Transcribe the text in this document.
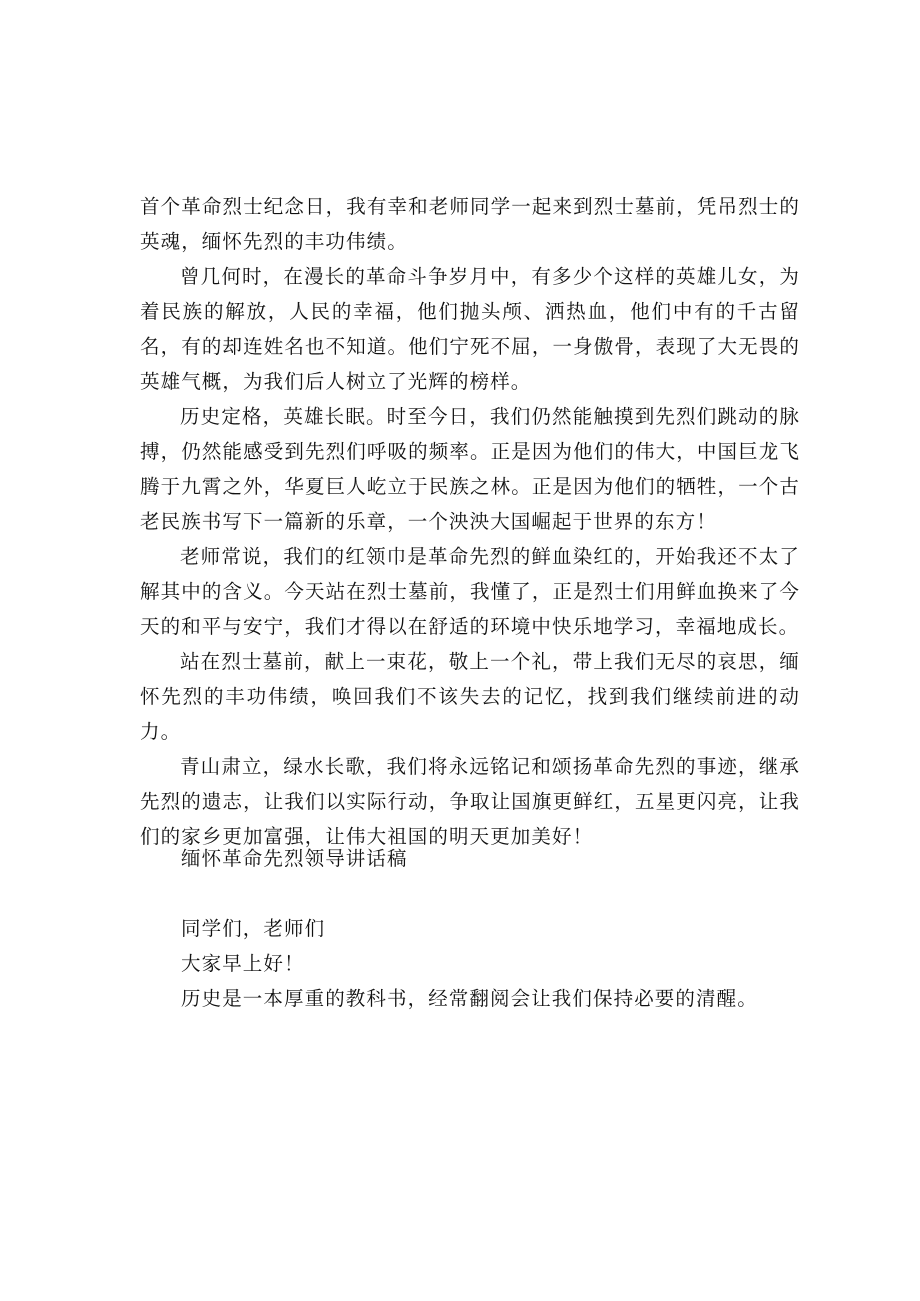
首个革命烈士纪念日，我有幸和老师同学一起来到烈士墓前，凭吊烈士的英魂，缅怀先烈的丰功伟绩。

曾几何时，在漫长的革命斗争岁月中，有多少个这样的英雄儿女，为着民族的解放，人民的幸福，他们抛头颅、洒热血，他们中有的千古留名，有的却连姓名也不知道。他们宁死不屈，一身傲骨，表现了大无畏的英雄气概，为我们后人树立了光辉的榜样。

历史定格，英雄长眠。时至今日，我们仍然能触摸到先烈们跳动的脉搏，仍然能感受到先烈们呼吸的频率。正是因为他们的伟大，中国巨龙飞腾于九霄之外，华夏巨人屹立于民族之林。正是因为他们的牺牲，一个古老民族书写下一篇新的乐章，一个泱泱大国崛起于世界的东方！

老师常说，我们的红领巾是革命先烈的鲜血染红的，开始我还不太了解其中的含义。今天站在烈士墓前，我懂了，正是烈士们用鲜血换来了今天的和平与安宁，我们才得以在舒适的环境中快乐地学习，幸福地成长。

站在烈士墓前，献上一束花，敬上一个礼，带上我们无尽的哀思，缅怀先烈的丰功伟绩，唤回我们不该失去的记忆，找到我们继续前进的动力。

青山肃立，绿水长歌，我们将永远铭记和颂扬革命先烈的事迹，继承先烈的遗志，让我们以实际行动，争取让国旗更鲜红，五星更闪亮，让我们的家乡更加富强，让伟大祖国的明天更加美好！

缅怀革命先烈领导讲话稿

同学们，老师们

大家早上好！

历史是一本厚重的教科书，经常翻阅会让我们保持必要的清醒。
